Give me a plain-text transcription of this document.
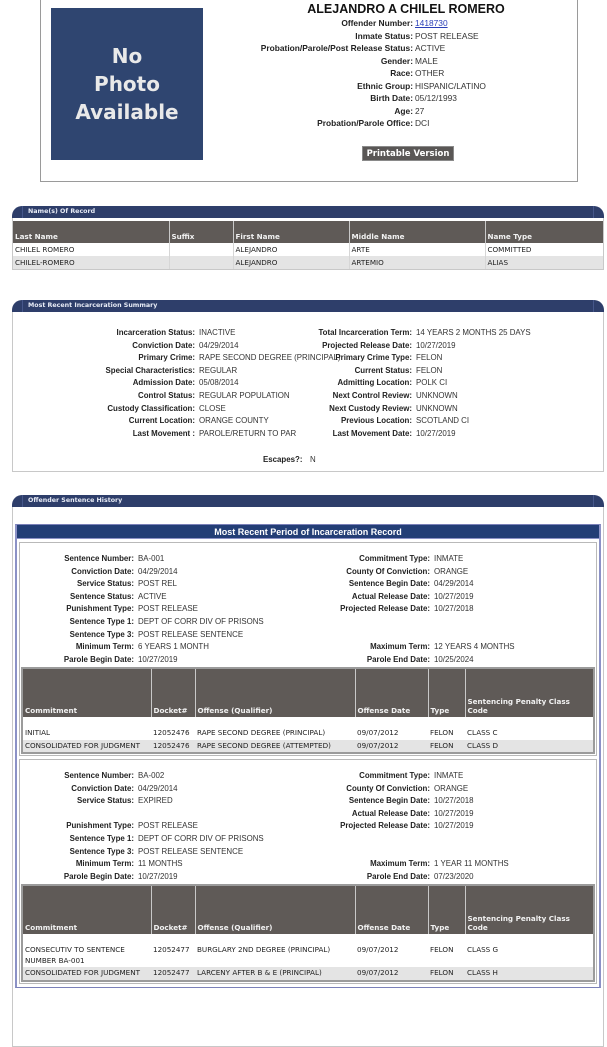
No
Photo
Available
ALEJANDRO A CHILEL ROMERO
Offender Number: 1418730
Inmate Status: POST RELEASE
Probation/Parole/Post Release Status: ACTIVE
Gender: MALE
Race: OTHER
Ethnic Group: HISPANIC/LATINO
Birth Date: 05/12/1993
Age: 27
Probation/Parole Office: DCI
Printable Version
Name(s) Of Record
Last Name	Suffix	First Name	Middle Name	Name Type
CHILEL ROMERO		ALEJANDRO	ARTE	COMMITTED
CHILEL-ROMERO		ALEJANDRO	ARTEMIO	ALIAS
Most Recent Incarceration Summary
Incarceration Status: INACTIVE
Conviction Date: 04/29/2014
Primary Crime: RAPE SECOND DEGREE (PRINCIPAL)
Special Characteristics: REGULAR
Admission Date: 05/08/2014
Control Status: REGULAR POPULATION
Custody Classification: CLOSE
Current Location: ORANGE COUNTY
Last Movement : PAROLE/RETURN TO PAR
Total Incarceration Term: 14 YEARS 2 MONTHS 25 DAYS
Projected Release Date: 10/27/2019
Primary Crime Type: FELON
Current Status: FELON
Admitting Location: POLK CI
Next Control Review: UNKNOWN
Next Custody Review: UNKNOWN
Previous Location: SCOTLAND CI
Last Movement Date: 10/27/2019
Escapes?: N
Offender Sentence History
Most Recent Period of Incarceration Record
Sentence Number: BA-001
Conviction Date: 04/29/2014
Service Status: POST REL
Sentence Status: ACTIVE
Punishment Type: POST RELEASE
Sentence Type 1: DEPT OF CORR DIV OF PRISONS
Sentence Type 3: POST RELEASE SENTENCE
Minimum Term: 6 YEARS 1 MONTH
Parole Begin Date: 10/27/2019
Commitment Type: INMATE
County Of Conviction: ORANGE
Sentence Begin Date: 04/29/2014
Actual Release Date: 10/27/2019
Projected Release Date: 10/27/2018
Maximum Term: 12 YEARS 4 MONTHS
Parole End Date: 10/25/2024
Commitment	Docket#	Offense (Qualifier)	Offense Date	Type	Sentencing Penalty Class Code

INITIAL	12052476	RAPE SECOND DEGREE (PRINCIPAL)	09/07/2012	FELON	CLASS C
CONSOLIDATED FOR JUDGMENT	12052476	RAPE SECOND DEGREE (ATTEMPTED)	09/07/2012	FELON	CLASS D
Sentence Number: BA-002
Conviction Date: 04/29/2014
Service Status: EXPIRED
Punishment Type: POST RELEASE
Sentence Type 1: DEPT OF CORR DIV OF PRISONS
Sentence Type 3: POST RELEASE SENTENCE
Minimum Term: 11 MONTHS
Parole Begin Date: 10/27/2019
Commitment Type: INMATE
County Of Conviction: ORANGE
Sentence Begin Date: 10/27/2018
Actual Release Date: 10/27/2019
Projected Release Date: 10/27/2019
Maximum Term: 1 YEAR 11 MONTHS
Parole End Date: 07/23/2020
Commitment	Docket#	Offense (Qualifier)	Offense Date	Type	Sentencing Penalty Class Code

CONSECUTIV TO SENTENCE NUMBER BA-001	12052477	BURGLARY 2ND DEGREE (PRINCIPAL)	09/07/2012	FELON	CLASS G
CONSOLIDATED FOR JUDGMENT	12052477	LARCENY AFTER B & E (PRINCIPAL)	09/07/2012	FELON	CLASS H
